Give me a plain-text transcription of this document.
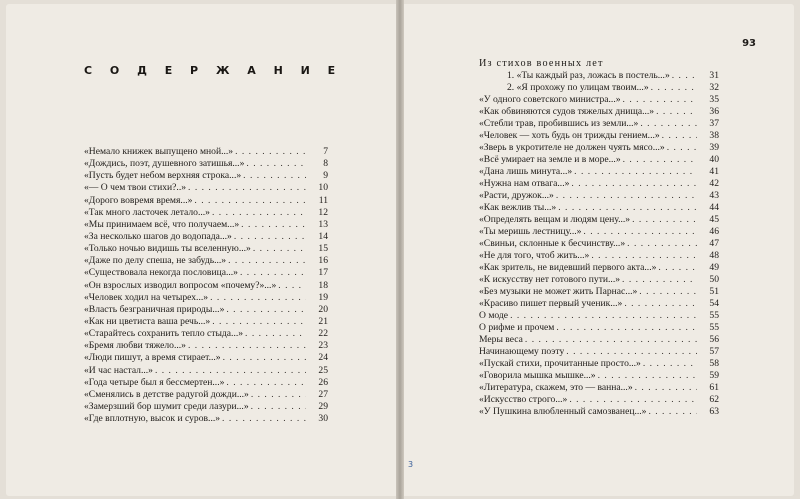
С О Д Е Р Ж А Н И Е
«Немало книжек выпущено мной...» . . .	7
«Дождись, поэт, душевного затишья...» . . .	8
«Пусть будет небом верхняя строка...» . . .	9
«— О чем твои стихи?..» . . .	10
«Дорого вовремя время...» . . .	11
«Так много ласточек летало...» . . .	12
«Мы принимаем всё, что получаем...» . . .	13
«За несколько шагов до водопада...» . . .	14
«Только ночью видишь ты вселенную...» . . .	15
«Даже по делу спеша, не забудь...» . . .	16
«Существовала некогда пословица...» . . .	17
«Он взрослых изводил вопросом «почему?»...» . . .	18
«Человек ходил на четырех...» . . .	19
«Власть безграничная природы...» . . .	20
«Как ни цветиста ваша речь...» . . .	21
«Старайтесь сохранить тепло стыда...» . . .	22
«Бремя любви тяжело...» . . .	23
«Люди пишут, а время стирает...» . . .	24
«И час настал...» . . .	25
«Года четыре был я бессмертен...» . . .	26
«Сменялись в детстве радугой дожди...» . . .	27
«Замерзший бор шумит среди лазури...» . . .	29
«Где вплотную, высок и суров...» . . .	30
93
Из стихов военных лет
1. «Ты каждый раз, ложась в постель...» . . .	31
2. «Я прохожу по улицам твоим...» . . .	32
«У одного советского министра...» . . .	35
«Как обвиняются судов тяжелых днища...» . . .	36
«Стебли трав, пробившись из земли...» . . .	37
«Человек — хоть будь он трижды гением...» . . .	38
«Зверь в укротителе не должен чуять мясо...» . . .	39
«Всё умирает на земле и в море...» . . .	40
«Дана лишь минута...» . . .	41
«Нужна нам отвага...» . . .	42
«Расти, дружок...» . . .	43
«Как вежлив ты...» . . .	44
«Определять вещам и людям цену...» . . .	45
«Ты меришь лестницу...» . . .	46
«Свиньи, склонные к бесчинству...» . . .	47
«Не для того, чтоб жить...» . . .	48
«Как зритель, не видевший первого акта...» . . .	49
«К искусству нет готового пути...» . . .	50
«Без музыки не может жить Парнас...» . . .	51
«Красиво пишет первый ученик...» . . .	54
О моде . . .	55
О рифме и прочем . . .	55
Меры веса . . .	56
Начинающему поэту . . .	57
«Пускай стихи, прочитанные просто...» . . .	58
«Говорила мышка мышке...» . . .	59
«Литература, скажем, это — ванна...» . . .	61
«Искусство строго...» . . .	62
«У Пушкина влюбленный самозванец...» . . .	63
3
